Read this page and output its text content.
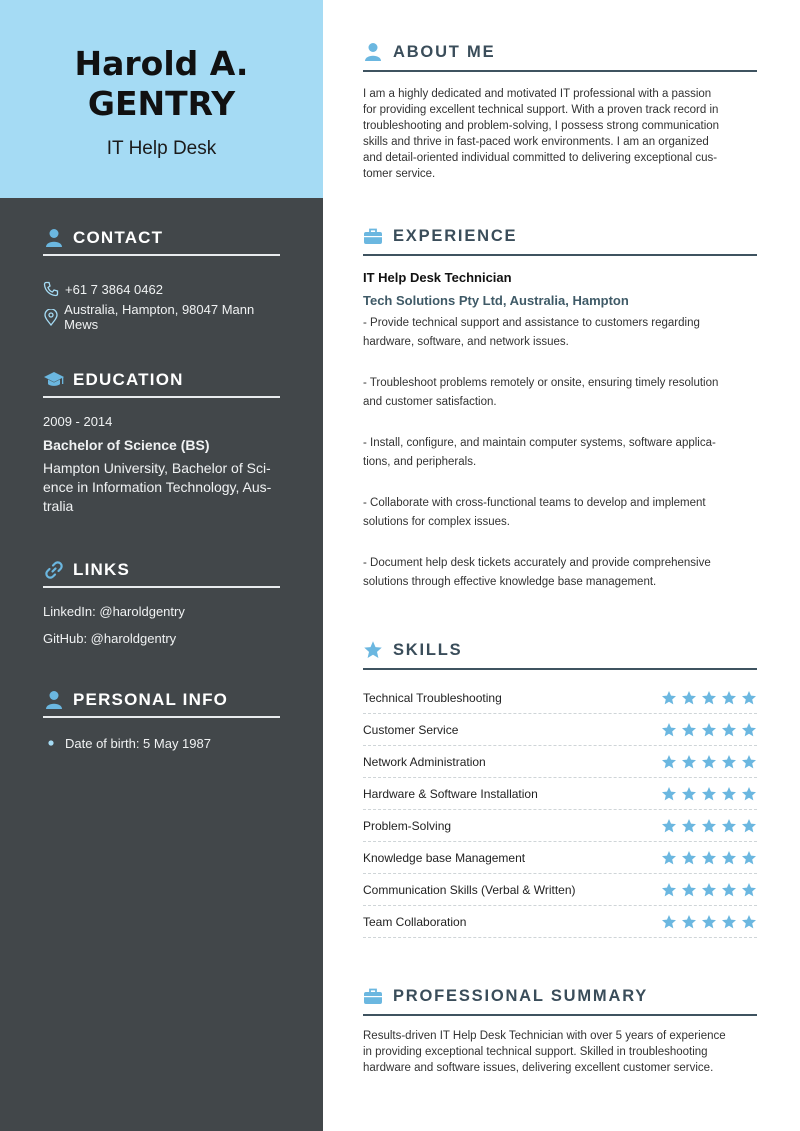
Harold A.
GENTRY
IT Help Desk
CONTACT
+61 7 3864 0462
Australia, Hampton, 98047 Mann Mews
EDUCATION
2009 - 2014
Bachelor of Science (BS)
Hampton University, Bachelor of Sci-
ence in Information Technology, Aus-
tralia
LINKS
LinkedIn: @haroldgentry
GitHub: @haroldgentry
PERSONAL INFO
Date of birth: 5 May 1987
ABOUT ME
I am a highly dedicated and motivated IT professional with a passion
for providing excellent technical support. With a proven track record in
troubleshooting and problem-solving, I possess strong communication
skills and thrive in fast-paced work environments. I am an organized
and detail-oriented individual committed to delivering exceptional cus-
tomer service.
EXPERIENCE
IT Help Desk Technician
Tech Solutions Pty Ltd, Australia, Hampton
- Provide technical support and assistance to customers regarding
hardware, software, and network issues.
- Troubleshoot problems remotely or onsite, ensuring timely resolution
and customer satisfaction.
- Install, configure, and maintain computer systems, software applica-
tions, and peripherals.
- Collaborate with cross-functional teams to develop and implement
solutions for complex issues.
- Document help desk tickets accurately and provide comprehensive
solutions through effective knowledge base management.
SKILLS
Technical Troubleshooting
Customer Service
Network Administration
Hardware & Software Installation
Problem-Solving
Knowledge base Management
Communication Skills (Verbal & Written)
Team Collaboration
PROFESSIONAL SUMMARY
Results-driven IT Help Desk Technician with over 5 years of experience
in providing exceptional technical support. Skilled in troubleshooting
hardware and software issues, delivering excellent customer service.
